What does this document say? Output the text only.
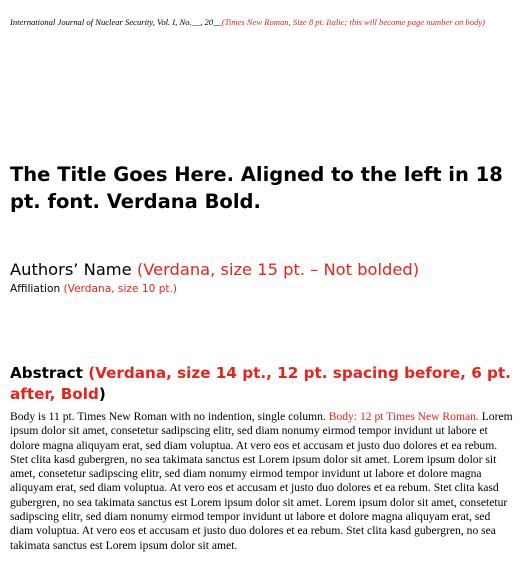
International Journal of Nuclear Security, Vol. I, No.__, 20__(Times New Roman, Size 8 pt. Italic; this will become page number on body)
The Title Goes Here. Aligned to the left in 18 pt. font. Verdana Bold.
Authors’ Name (Verdana, size 15 pt. – Not bolded)
Affiliation (Verdana, size 10 pt.)
Abstract (Verdana, size 14 pt., 12 pt. spacing before, 6 pt. after, Bold)

Body is 11 pt. Times New Roman with no indention, single column. Body: 12 pt Times New Roman. Lorem ipsum dolor sit amet, consetetur sadipscing elitr, sed diam nonumy eirmod tempor invidunt ut labore et dolore magna aliquyam erat, sed diam voluptua. At vero eos et accusam et justo duo dolores et ea rebum. Stet clita kasd gubergren, no sea takimata sanctus est Lorem ipsum dolor sit amet. Lorem ipsum dolor sit amet, consetetur sadipscing elitr, sed diam nonumy eirmod tempor invidunt ut labore et dolore magna aliquyam erat, sed diam voluptua. At vero eos et accusam et justo duo dolores et ea rebum. Stet clita kasd gubergren, no sea takimata sanctus est Lorem ipsum dolor sit amet. Lorem ipsum dolor sit amet, consetetur sadipscing elitr, sed diam nonumy eirmod tempor invidunt ut labore et dolore magna aliquyam erat, sed diam voluptua. At vero eos et accusam et justo duo dolores et ea rebum. Stet clita kasd gubergren, no sea takimata sanctus est Lorem ipsum dolor sit amet.
